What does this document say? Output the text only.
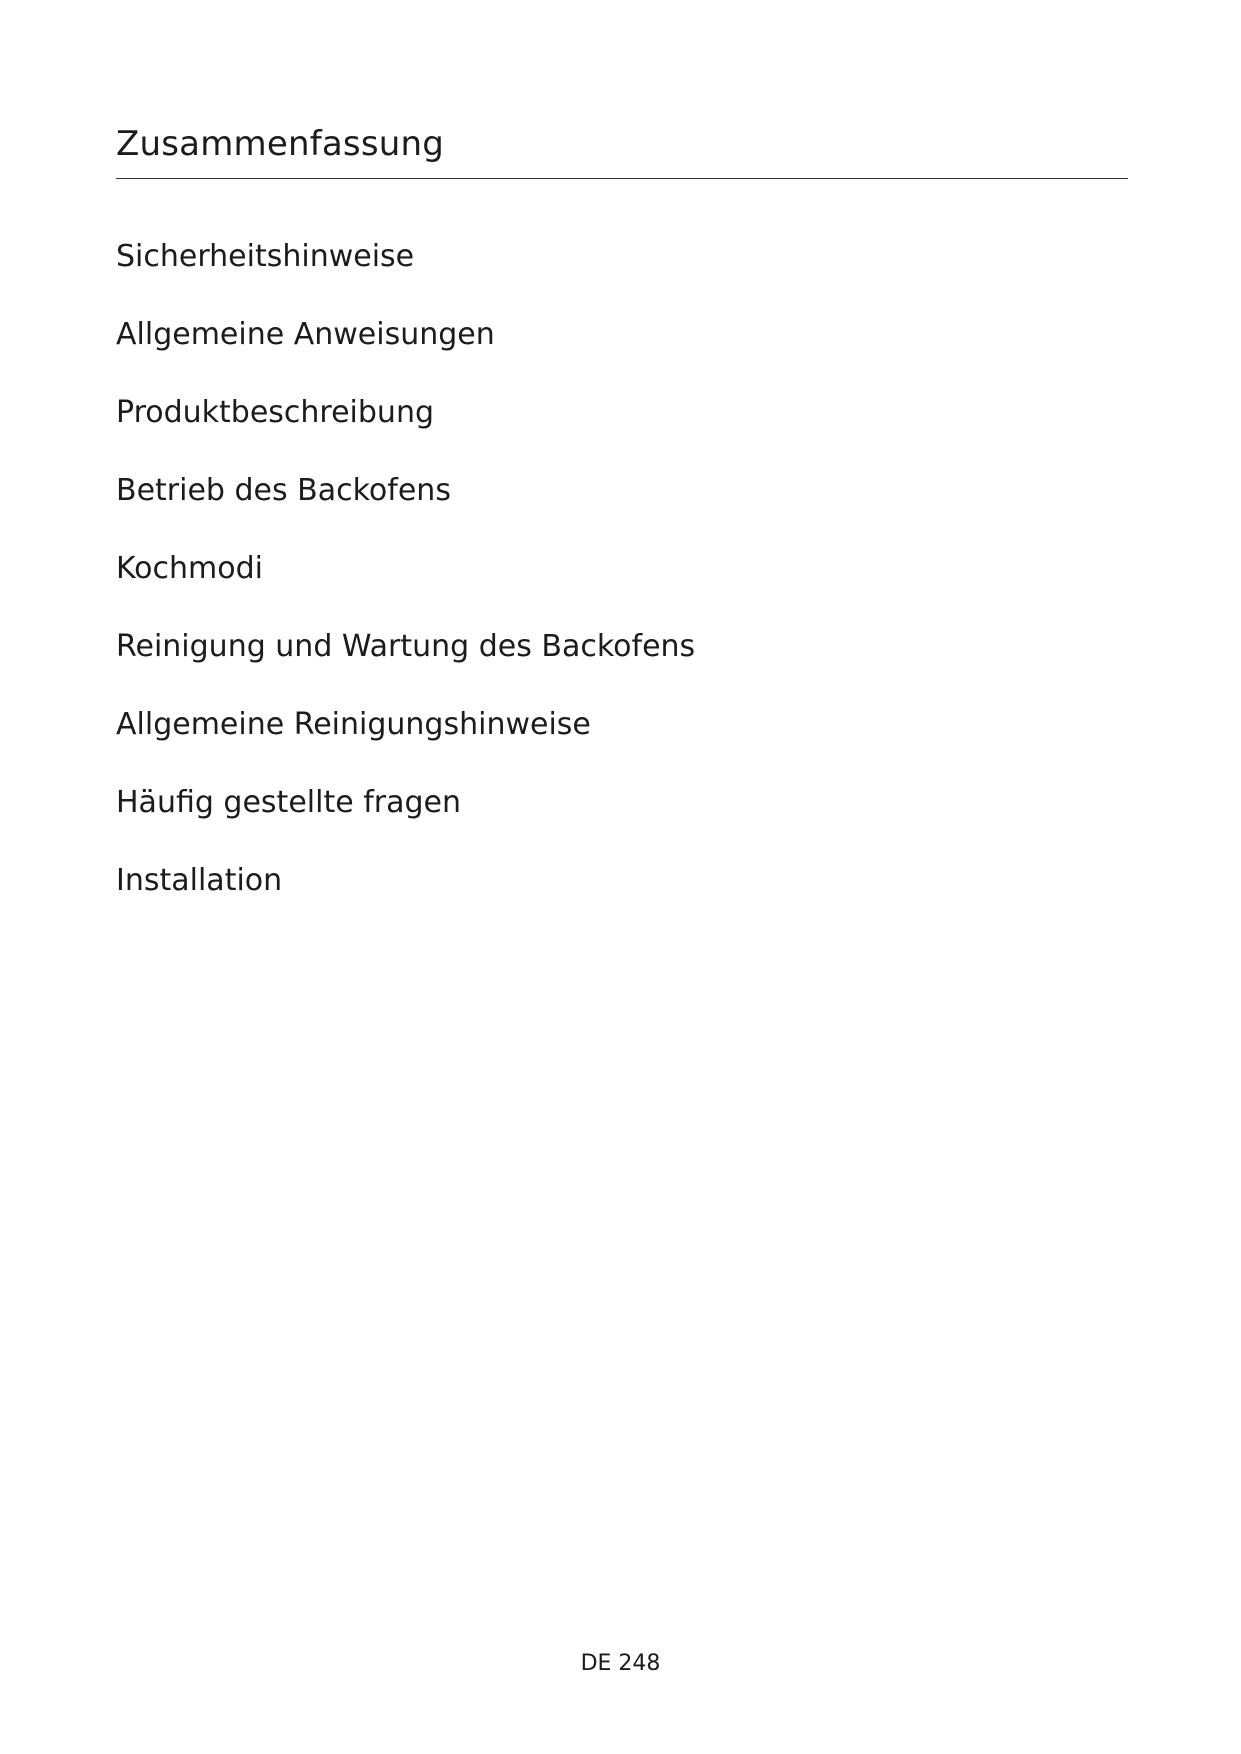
Zusammenfassung
Sicherheitshinweise
Allgemeine Anweisungen
Produktbeschreibung
Betrieb des Backofens
Kochmodi
Reinigung und Wartung des Backofens
Allgemeine Reinigungshinweise
Häufig gestellte fragen
Installation
DE 248
